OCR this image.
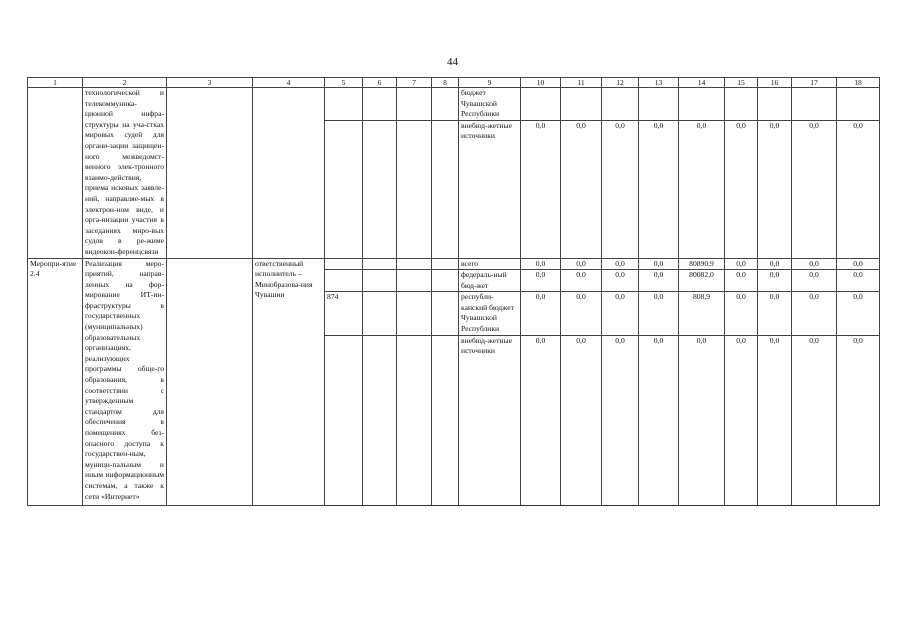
44
1	2	3	4	5	6	7	8	9	10	11	12	13	14	15	16	17	18
	технологической и телекоммуника-ционной инфра-структуры на уча-стках мировых судей для органи-зации защищен-ного межведомст-венного элек-тронного взаимо-действия, приема исковых заявле-ний, направляе-мых в электрон-ном виде, и орга-низации участия в заседаниях миро-вых судов в ре-жиме видеокон-ференцсвязи							бюджет Чувашской Республики									
								внебюд-жетные источники	0,0	0,0	0,0	0,0	0,0	0,0	0,0	0,0	0,0
Меропри-ятие 2.4	Реализация меро-приятий, направ-ленных на фор-мирование ИТ-ин-фраструктуры в государственных (муниципальных) образовательных организациях, реализующих программы обще-го образования, в соответствии с утвержденным стандартом для обеспечения в помещениях без-опасного доступа к государствен-ным, муници-пальным и иным информационным системам, а также к сети «Интернет»		ответственный исполнитель – Минобразова-ния Чувашии					всего	0,0	0,0	0,0	0,0	80890,9	0,0	0,0	0,0	0,0
								федераль-ный бюд-жет	0,0	0,0	0,0	0,0	80082,0	0,0	0,0	0,0	0,0
				874				республи-канский бюджет Чувашской Республики	0,0	0,0	0,0	0,0	808,9	0,0	0,0	0,0	0,0
								внебюд-жетные источники	0,0	0,0	0,0	0,0	0,0	0,0	0,0	0,0	0,0
